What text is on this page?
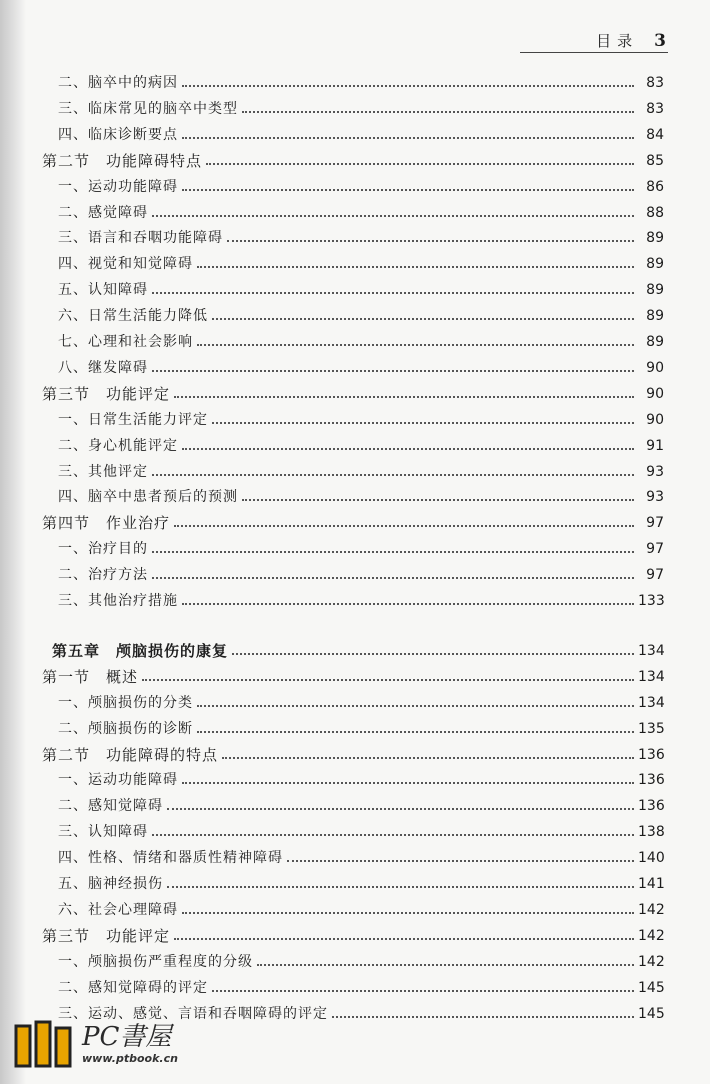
目录 3
二、脑卒中的病因	83
三、临床常见的脑卒中类型	83
四、临床诊断要点	84
第二节　功能障碍特点	85
一、运动功能障碍	86
二、感觉障碍	88
三、语言和吞咽功能障碍	89
四、视觉和知觉障碍	89
五、认知障碍	89
六、日常生活能力降低	89
七、心理和社会影响	89
八、继发障碍	90
第三节　功能评定	90
一、日常生活能力评定	90
二、身心机能评定	91
三、其他评定	93
四、脑卒中患者预后的预测	93
第四节　作业治疗	97
一、治疗目的	97
二、治疗方法	97
三、其他治疗措施	133
第五章　颅脑损伤的康复	134
第一节　概述	134
一、颅脑损伤的分类	134
二、颅脑损伤的诊断	135
第二节　功能障碍的特点	136
一、运动功能障碍	136
二、感知觉障碍	136
三、认知障碍	138
四、性格、情绪和器质性精神障碍	140
五、脑神经损伤	141
六、社会心理障碍	142
第三节　功能评定	142
一、颅脑损伤严重程度的分级	142
二、感知觉障碍的评定	145
三、运动、感觉、言语和吞咽障碍的评定	145
PC書屋
www.ptbook.cn
